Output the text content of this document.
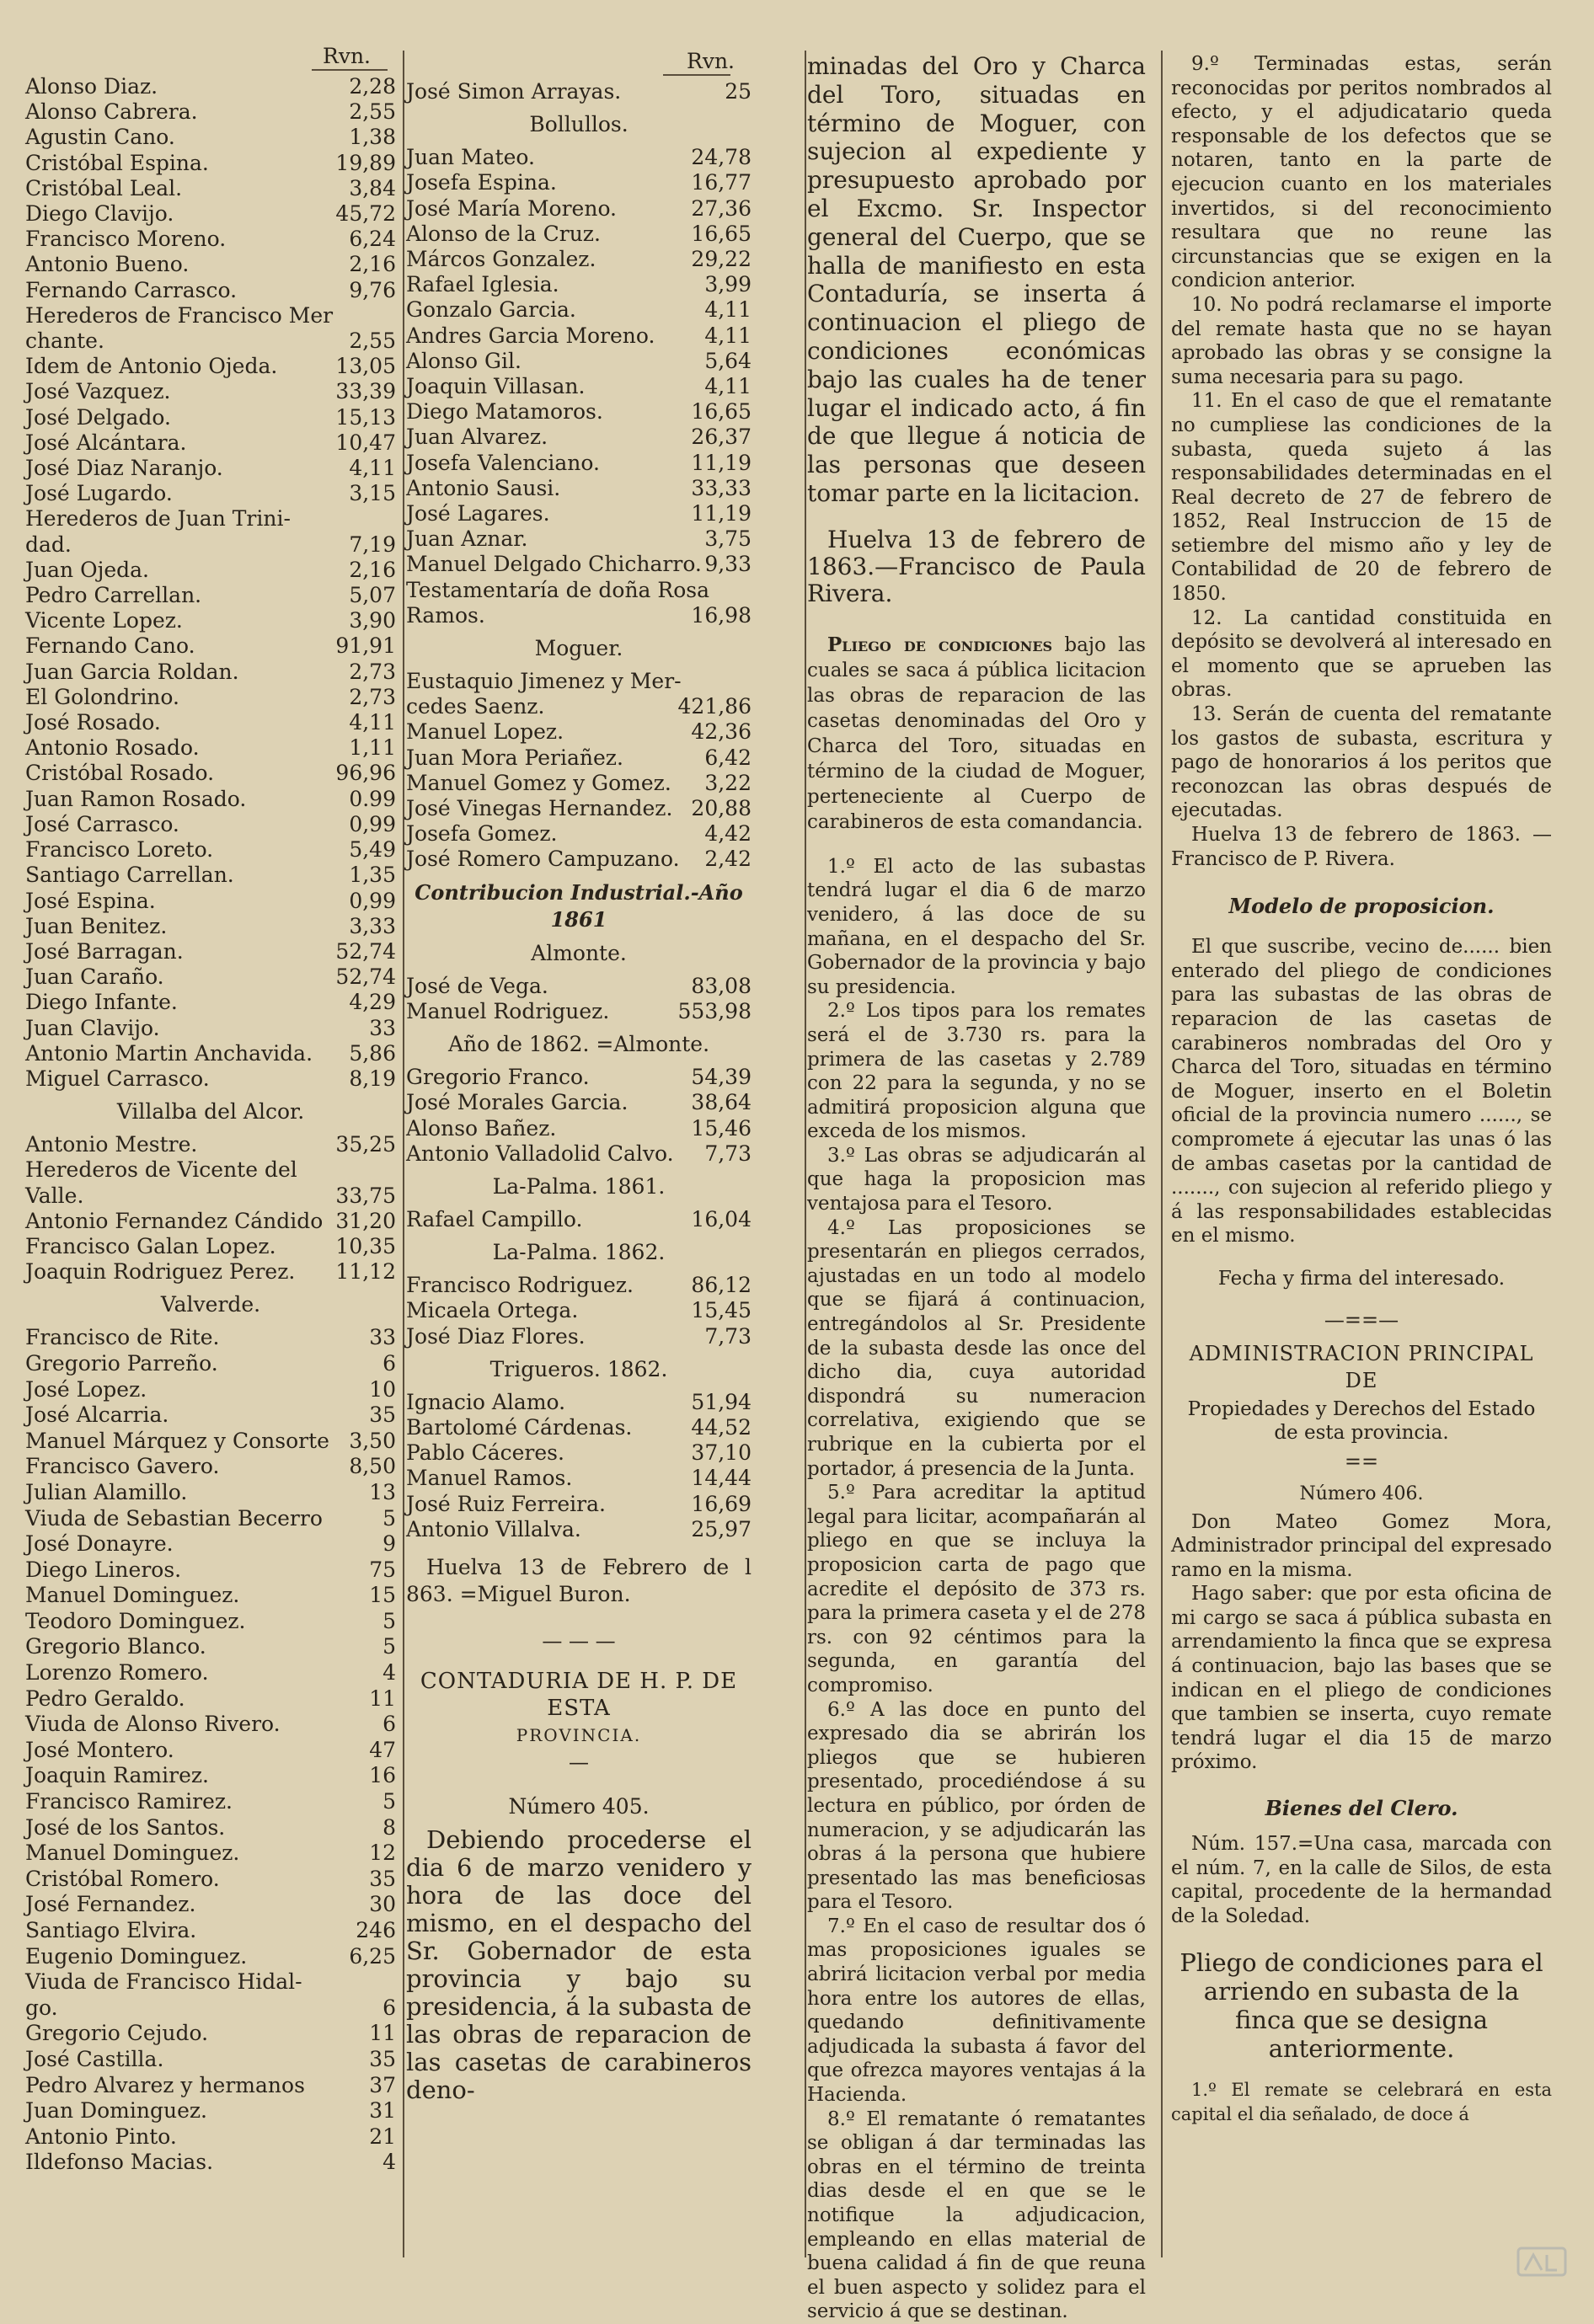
Rvn.
Alonso Diaz.	2,28
Alonso Cabrera.	2,55
Agustin Cano.	1,38
Cristóbal Espina.	19,89
Cristóbal Leal.	3,84
Diego Clavijo.	45,72
Francisco Moreno.	6,24
Antonio Bueno.	2,16
Fernando Carrasco.	9,76
Herederos de Francisco Mer
chante.	2,55
Idem de Antonio Ojeda.	13,05
José Vazquez.	33,39
José Delgado.	15,13
José Alcántara.	10,47
José Diaz Naranjo.	4,11
José Lugardo.	3,15
Herederos de Juan Trini-
dad.	7,19
Juan Ojeda.	2,16
Pedro Carrellan.	5,07
Vicente Lopez.	3,90
Fernando Cano.	91,91
Juan Garcia Roldan.	2,73
El Golondrino.	2,73
José Rosado.	4,11
Antonio Rosado.	1,11
Cristóbal Rosado.	96,96
Juan Ramon Rosado.	0.99
José Carrasco.	0,99
Francisco Loreto.	5,49
Santiago Carrellan.	1,35
José Espina.	0,99
Juan Benitez.	3,33
José Barragan.	52,74
Juan Caraño.	52,74
Diego Infante.	4,29
Juan Clavijo.	33
Antonio Martin Anchavida.	5,86
Miguel Carrasco.	8,19
Villalba del Alcor.
Antonio Mestre.	35,25
Herederos de Vicente del
Valle.	33,75
Antonio Fernandez Cándido 31,20
Francisco Galan Lopez.	10,35
Joaquin Rodriguez Perez.	11,12
Valverde.
Francisco de Rite.	33
Gregorio Parreño.	6
José Lopez.	10
José Alcarria.	35
Manuel Márquez y Consorte 3,50
Francisco Gavero.	8,50
Julian Alamillo.	13
Viuda de Sebastian Becerro	5
José Donayre.	9
Diego Lineros.	75
Manuel Dominguez.	15
Teodoro Dominguez.	5
Gregorio Blanco.	5
Lorenzo Romero.	4
Pedro Geraldo.	11
Viuda de Alonso Rivero.	6
José Montero.	47
Joaquin Ramirez.	16
Francisco Ramirez.	5
José de los Santos.	8
Manuel Dominguez.	12
Cristóbal Romero.	35
José Fernandez.	30
Santiago Elvira.	246
Eugenio Dominguez.	6,25
Viuda de Francisco Hidal-
go.	6
Gregorio Cejudo.	11
José Castilla.	35
Pedro Alvarez y hermanos	37
Juan Dominguez.	31
Antonio Pinto.	21
Ildefonso Macias.	4
Rvn.
José Simon Arrayas.	25
Bollullos.
Juan Mateo.	24,78
Josefa Espina.	16,77
José María Moreno.	27,36
Alonso de la Cruz.	16,65
Márcos Gonzalez.	29,22
Rafael Iglesia.	3,99
Gonzalo Garcia.	4,11
Andres Garcia Moreno.	4,11
Alonso Gil.	5,64
Joaquin Villasan.	4,11
Diego Matamoros.	16,65
Juan Alvarez.	26,37
Josefa Valenciano.	11,19
Antonio Sausi.	33,33
José Lagares.	11,19
Juan Aznar.	3,75
Manuel Delgado Chicharro. 9,33
Testamentaría de doña Rosa
Ramos.	16,98
Moguer.
Eustaquio Jimenez y Mer-
cedes Saenz.	421,86
Manuel Lopez.	42,36
Juan Mora Periañez.	6,42
Manuel Gomez y Gomez.	3,22
José Vinegas Hernandez. 20,88
Josefa Gomez.	4,42
José Romero Campuzano.	2,42
Contribucion Industrial.-Año 1861
Almonte.
José de Vega.	83,08
Manuel Rodriguez.	553,98
Año de 1862. =Almonte.
Gregorio Franco.	54,39
José Morales Garcia.	38,64
Alonso Bañez.	15,46
Antonio Valladolid Calvo.	7,73
La-Palma. 1861.
Rafael Campillo.	16,04
La-Palma. 1862.
Francisco Rodriguez.	86,12
Micaela Ortega.	15,45
José Diaz Flores.	7,73
Trigueros. 1862.
Ignacio Alamo.	51,94
Bartolomé Cárdenas.	44,52
Pablo Cáceres.	37,10
Manuel Ramos.	14,44
José Ruiz Ferreira.	16,69
Antonio Villalva.	25,97

Huelva 13 de Febrero de l 863. =Miguel Buron.

— — —
CONTADURIA DE H. P. DE ESTA
PROVINCIA.
—
Número 405.

Debiendo procederse el dia 6 de marzo venidero y hora de las doce del mismo, en el despacho del Sr. Gobernador de esta provincia y bajo su presidencia, á la subasta de las obras de reparacion de las casetas de carabineros deno-

minadas del Oro y Charca del Toro, situadas en término de Moguer, con sujecion al expediente y presupuesto aprobado por el Excmo. Sr. Inspector general del Cuerpo, que se halla de manifiesto en esta Contaduría, se inserta á continuacion el pliego de condiciones económicas bajo las cuales ha de tener lugar el indicado acto, á fin de que llegue á noticia de las personas que deseen tomar parte en la licitacion.

Huelva 13 de febrero de 1863.—Francisco de Paula Rivera.

Pliego de condiciones bajo las cuales se saca á pública licitacion las obras de reparacion de las casetas denominadas del Oro y Charca del Toro, situadas en término de la ciudad de Moguer, perteneciente al Cuerpo de carabineros de esta comandancia.

1.º El acto de las subastas tendrá lugar el dia 6 de marzo venidero, á las doce de su mañana, en el despacho del Sr. Gobernador de la provincia y bajo su presidencia.

2.º Los tipos para los remates será el de 3.730 rs. para la primera de las casetas y 2.789 con 22 para la segunda, y no se admitirá proposicion alguna que exceda de los mismos.

3.º Las obras se adjudicarán al que haga la proposicion mas ventajosa para el Tesoro.

4.º Las proposiciones se presentarán en pliegos cerrados, ajustadas en un todo al modelo que se fijará á continuacion, entregándolos al Sr. Presidente de la subasta desde las once del dicho dia, cuya autoridad dispondrá su numeracion correlativa, exigiendo que se rubrique en la cubierta por el portador, á presencia de la Junta.

5.º Para acreditar la aptitud legal para licitar, acompañarán al pliego en que se incluya la proposicion carta de pago que acredite el depósito de 373 rs. para la primera caseta y el de 278 rs. con 92 céntimos para la segunda, en garantía del compromiso.

6.º A las doce en punto del expresado dia se abrirán los pliegos que se hubieren presentado, procediéndose á su lectura en público, por órden de numeracion, y se adjudicarán las obras á la persona que hubiere presentado las mas beneficiosas para el Tesoro.

7.º En el caso de resultar dos ó mas proposiciones iguales se abrirá licitacion verbal por media hora entre los autores de ellas, quedando definitivamente adjudicada la subasta á favor del que ofrezca mayores ventajas á la Hacienda.

8.º El rematante ó rematantes se obligan á dar terminadas las obras en el término de treinta dias desde el en que se le notifique la adjudicacion, empleando en ellas material de buena calidad á fin de que reuna el buen aspecto y solidez para el servicio á que se destinan.

9.º Terminadas estas, serán reconocidas por peritos nombrados al efecto, y el adjudicatario queda responsable de los defectos que se notaren, tanto en la parte de ejecucion cuanto en los materiales invertidos, si del reconocimiento resultara que no reune las circunstancias que se exigen en la condicion anterior.

10. No podrá reclamarse el importe del remate hasta que no se hayan aprobado las obras y se consigne la suma necesaria para su pago.

11. En el caso de que el rematante no cumpliese las condiciones de la subasta, queda sujeto á las responsabilidades determinadas en el Real decreto de 27 de febrero de 1852, Real Instruccion de 15 de setiembre del mismo año y ley de Contabilidad de 20 de febrero de 1850.

12. La cantidad constituida en depósito se devolverá al interesado en el momento que se aprueben las obras.

13. Serán de cuenta del rematante los gastos de subasta, escritura y pago de honorarios á los peritos que reconozcan las obras después de ejecutadas.

Huelva 13 de febrero de 1863. —Francisco de P. Rivera.

Modelo de proposicion.

El que suscribe, vecino de...... bien enterado del pliego de condiciones para las subastas de las obras de reparacion de las casetas de carabineros nombradas del Oro y Charca del Toro, situadas en término de Moguer, inserto en el Boletin oficial de la provincia numero ......, se compromete á ejecutar las unas ó las de ambas casetas por la cantidad de ......., con sujecion al referido pliego y á las responsabilidades establecidas en el mismo.

Fecha y firma del interesado.

—==—
ADMINISTRACION PRINCIPAL DE
Propiedades y Derechos del Estado
de esta provincia.
==
Número 406.

Don Mateo Gomez Mora, Administrador principal del expresado ramo en la misma.

Hago saber: que por esta oficina de mi cargo se saca á pública subasta en arrendamiento la finca que se expresa á continuacion, bajo las bases que se indican en el pliego de condiciones que tambien se inserta, cuyo remate tendrá lugar el dia 15 de marzo próximo.

Bienes del Clero.

Núm. 157.=Una casa, marcada con el núm. 7, en la calle de Silos, de esta capital, procedente de la hermandad de la Soledad.

Pliego de condiciones para el arriendo en subasta de la finca que se designa anteriormente.

1.º El remate se celebrará en esta capital el dia señalado, de doce á
